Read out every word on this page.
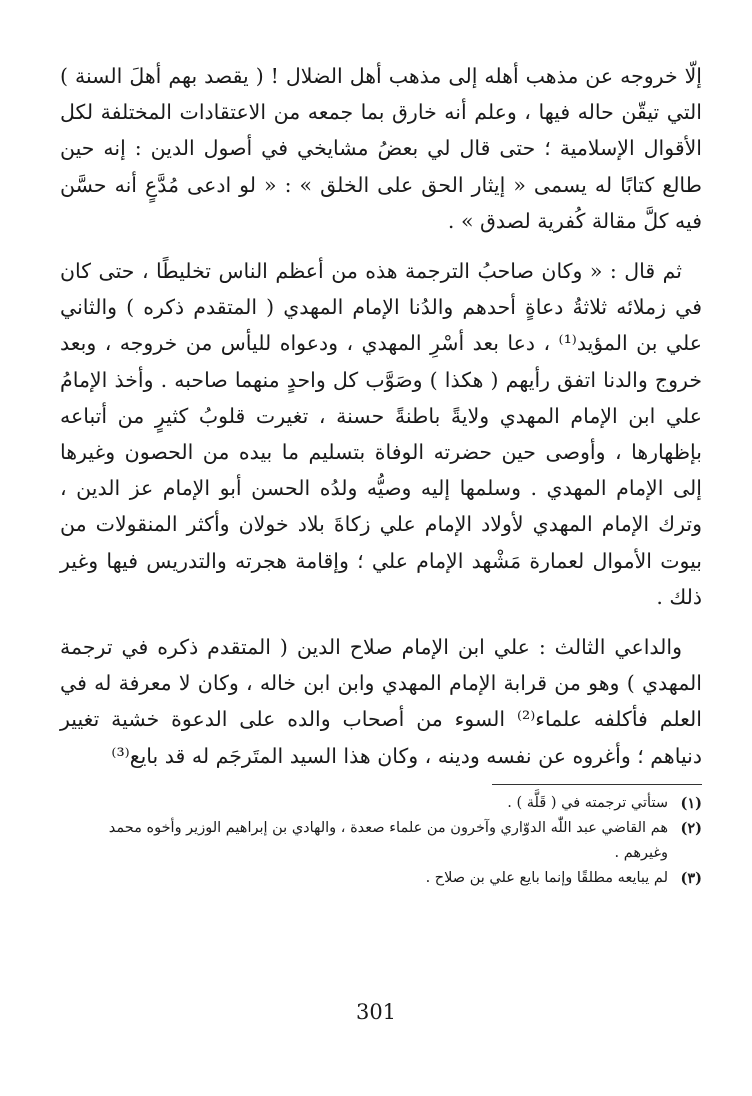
إلّا خروجه عن مذهب أهله إلى مذهب أهل الضلال ! ( يقصد بهم أهلَ السنة ) التي تيقّن حاله فيها ، وعلم أنه خارق بما جمعه من الاعتقادات المختلفة لكل الأقوال الإسلامية ؛ حتى قال لي بعضُ مشايخي في أصول الدين : إنه حين طالع كتابًا له يسمى « إيثار الحق على الخلق » : « لو ادعى مُدَّعٍ أنه حسَّن فيه كلَّ مقالة كُفرية لصدق » .

ثم قال : « وكان صاحبُ الترجمة هذه من أعظم الناس تخليطًا ، حتى كان في زملائه ثلاثةُ دعاةٍ أحدهم والدُنا الإمام المهدي ( المتقدم ذكره ) والثاني علي بن المؤيد⁽¹⁾ ، دعا بعد أسْرِ المهدي ، ودعواه لليأس من خروجه ، وبعد خروج والدنا اتفق رأيهم ( هكذا ) وصَوَّب كل واحدٍ منهما صاحبه . وأخذ الإمامُ علي ابن الإمام المهدي ولايةً باطنةً حسنة ، تغيرت قلوبُ كثيرٍ من أتباعه بإظهارها ، وأوصى حين حضرته الوفاة بتسليم ما بيده من الحصون وغيرها إلى الإمام المهدي . وسلمها إليه وصيُّه ولدُه الحسن أبو الإمام عز الدين ، وترك الإمام المهدي لأولاد الإمام علي زكاةَ بلاد خولان وأكثر المنقولات من بيوت الأموال لعمارة مَشْهد الإمام علي ؛ وإقامة هجرته والتدريس فيها وغير ذلك .

والداعي الثالث : علي ابن الإمام صلاح الدين ( المتقدم ذكره في ترجمة المهدي ) وهو من قرابة الإمام المهدي وابن ابن خاله ، وكان لا معرفة له في العلم فأكلفه علماء⁽²⁾ السوء من أصحاب والده على الدعوة خشية تغيير دنياهم ؛ وأغروه عن نفسه ودينه ، وكان هذا السيد المتَرجَم له قد بايع⁽³⁾

(١)
ستأتي ترجمته في ( قَلَّة ) .
(٢)
هم القاضي عبد اللّٰه الدوّاري وآخرون من علماء صعدة ، والهادي بن إبراهيم الوزير وأخوه محمد وغيرهم .
(٣)
لم يبايعه مطلقًا وإنما بايع علي بن صلاح .
301
